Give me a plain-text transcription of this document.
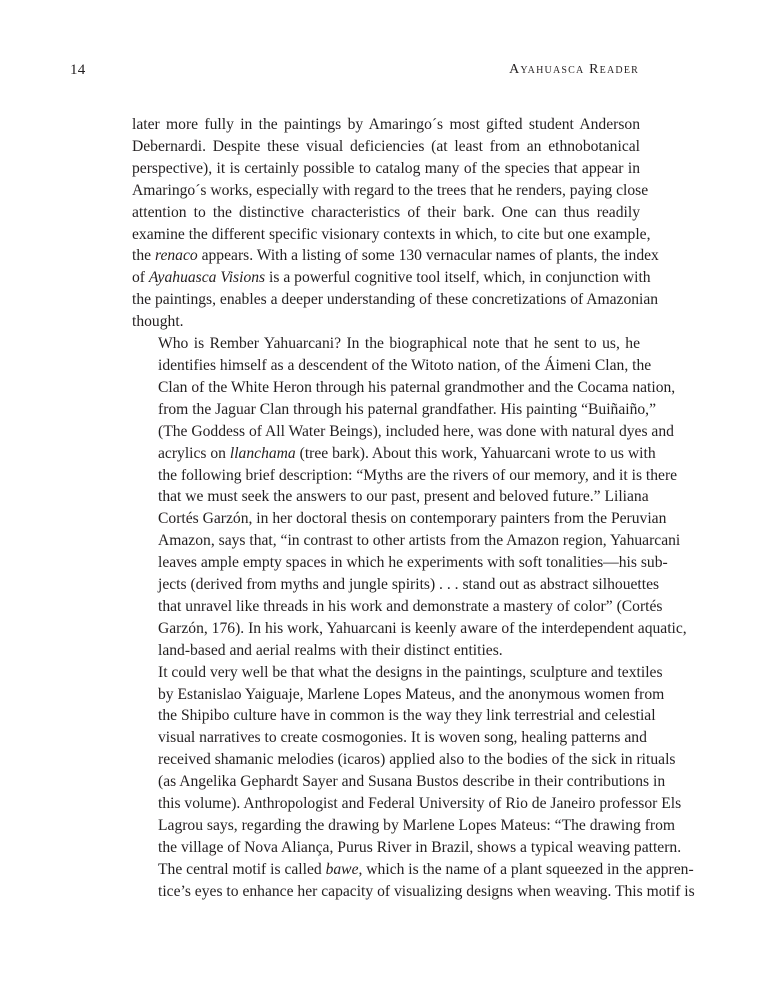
14	Ayahuasca Reader
later more fully in the paintings by Amaringo´s most gifted student Anderson
Debernardi. Despite these visual deficiencies (at least from an ethnobotanical
perspective), it is certainly possible to catalog many of the species that appear in
Amaringo´s works, especially with regard to the trees that he renders, paying close
attention to the distinctive characteristics of their bark. One can thus readily
examine the different specific visionary contexts in which, to cite but one example,
the renaco appears. With a listing of some 130 vernacular names of plants, the index
of Ayahuasca Visions is a powerful cognitive tool itself, which, in conjunction with
the paintings, enables a deeper understanding of these concretizations of Amazonian
thought.
Who is Rember Yahuarcani? In the biographical note that he sent to us, he
identifies himself as a descendent of the Witoto nation, of the Áimeni Clan, the
Clan of the White Heron through his paternal grandmother and the Cocama nation,
from the Jaguar Clan through his paternal grandfather. His painting “Buiñaiño,”
(The Goddess of All Water Beings), included here, was done with natural dyes and
acrylics on llanchama (tree bark). About this work, Yahuarcani wrote to us with
the following brief description: “Myths are the rivers of our memory, and it is there
that we must seek the answers to our past, present and beloved future.” Liliana
Cortés Garzón, in her doctoral thesis on contemporary painters from the Peruvian
Amazon, says that, “in contrast to other artists from the Amazon region, Yahuarcani
leaves ample empty spaces in which he experiments with soft tonalities—his sub-
jects (derived from myths and jungle spirits) . . . stand out as abstract silhouettes
that unravel like threads in his work and demonstrate a mastery of color” (Cortés
Garzón, 176). In his work, Yahuarcani is keenly aware of the interdependent aquatic,
land-based and aerial realms with their distinct entities.
It could very well be that what the designs in the paintings, sculpture and textiles
by Estanislao Yaiguaje, Marlene Lopes Mateus, and the anonymous women from
the Shipibo culture have in common is the way they link terrestrial and celestial
visual narratives to create cosmogonies. It is woven song, healing patterns and
received shamanic melodies (icaros) applied also to the bodies of the sick in rituals
(as Angelika Gephardt Sayer and Susana Bustos describe in their contributions in
this volume). Anthropologist and Federal University of Rio de Janeiro professor Els
Lagrou says, regarding the drawing by Marlene Lopes Mateus: “The drawing from
the village of Nova Aliança, Purus River in Brazil, shows a typical weaving pattern.
The central motif is called bawe, which is the name of a plant squeezed in the appren-
tice’s eyes to enhance her capacity of visualizing designs when weaving. This motif is
